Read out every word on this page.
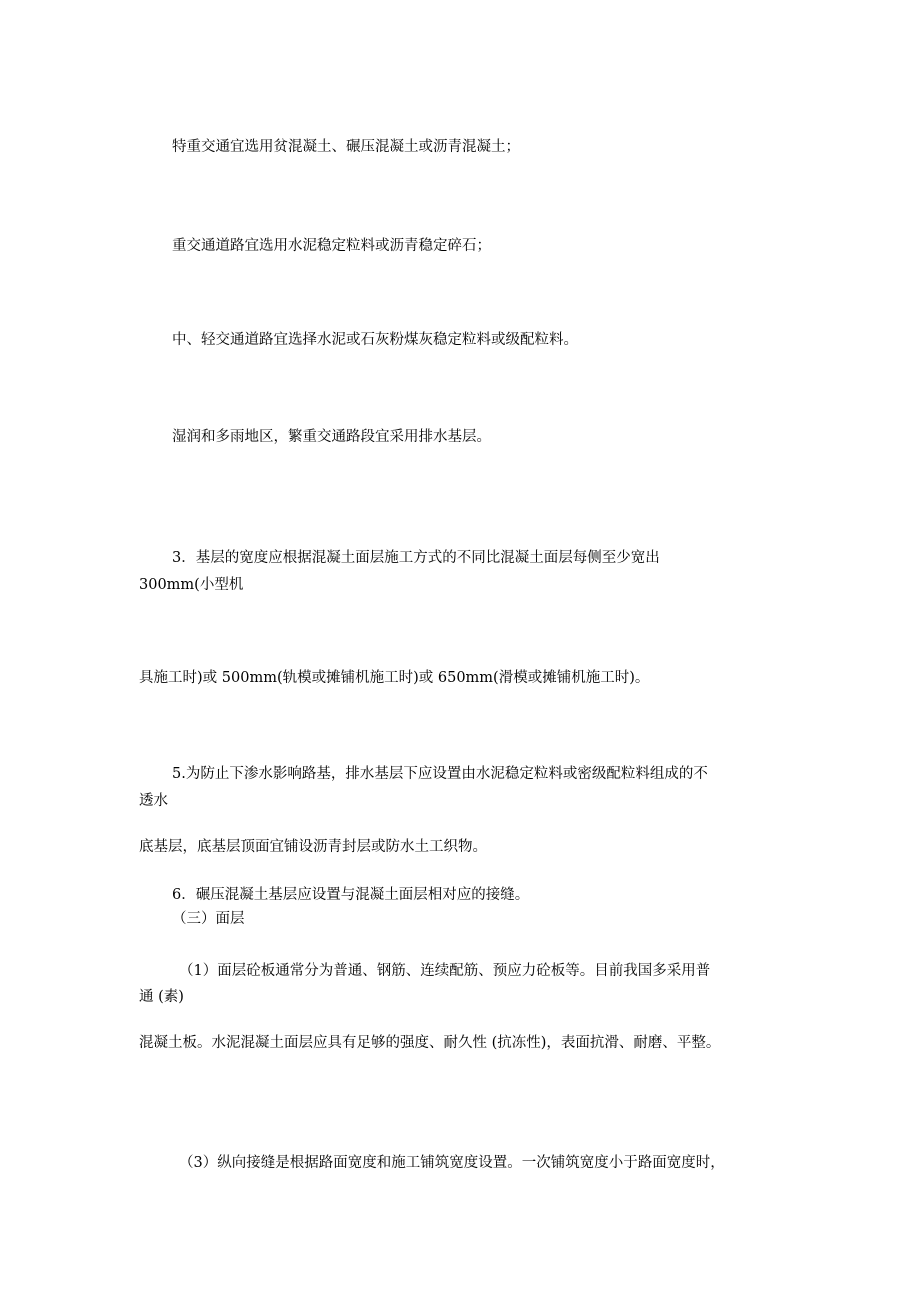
特重交通宜选用贫混凝土、碾压混凝土或沥青混凝土；
重交通道路宜选用水泥稳定粒料或沥青稳定碎石；
中、轻交通道路宜选择水泥或石灰粉煤灰稳定粒料或级配粒料。
湿润和多雨地区，繁重交通路段宜采用排水基层。
3．基层的宽度应根据混凝土面层施工方式的不同比混凝土面层每侧至少宽出
300mm(小型机
具施工时)或 500mm(轨模或摊铺机施工时)或 650mm(滑模或摊铺机施工时)。
5.为防止下渗水影响路基，排水基层下应设置由水泥稳定粒料或密级配粒料组成的不
透水
底基层，底基层顶面宜铺设沥青封层或防水土工织物。
6．碾压混凝土基层应设置与混凝土面层相对应的接缝。
（三）面层
（1）面层砼板通常分为普通、钢筋、连续配筋、预应力砼板等。目前我国多采用普
通 (素)
混凝土板。水泥混凝土面层应具有足够的强度、耐久性 (抗冻性)，表面抗滑、耐磨、平整。
（3）纵向接缝是根据路面宽度和施工铺筑宽度设置。一次铺筑宽度小于路面宽度时，
